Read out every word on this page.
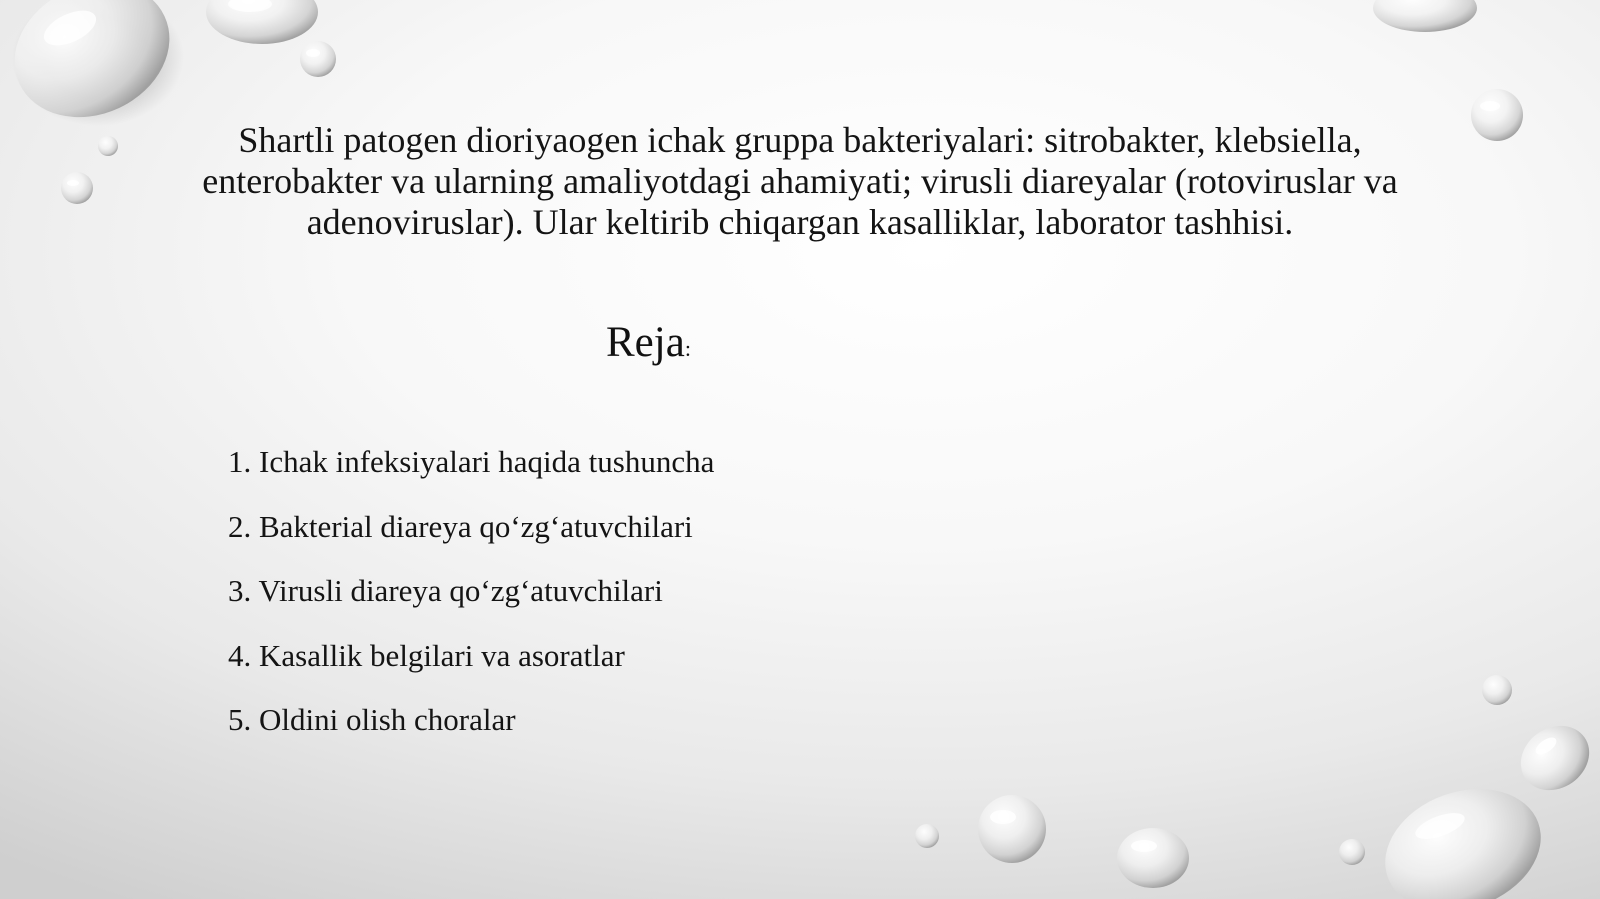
Shartli patogen dioriyaogen ichak gruppa bakteriyalari: sitrobakter, klebsiella, enterobakter va ularning amaliyotdagi ahamiyati; virusli diareyalar (rotoviruslar va adenoviruslar). Ular keltirib chiqargan kasalliklar, laborator tashhisi.
Reja:
1. Ichak infeksiyalari haqida tushuncha
2. Bakterial diareya qo‘zg‘atuvchilari
3. Virusli diareya qo‘zg‘atuvchilari
4. Kasallik belgilari va asoratlar
5. Oldini olish choralar
